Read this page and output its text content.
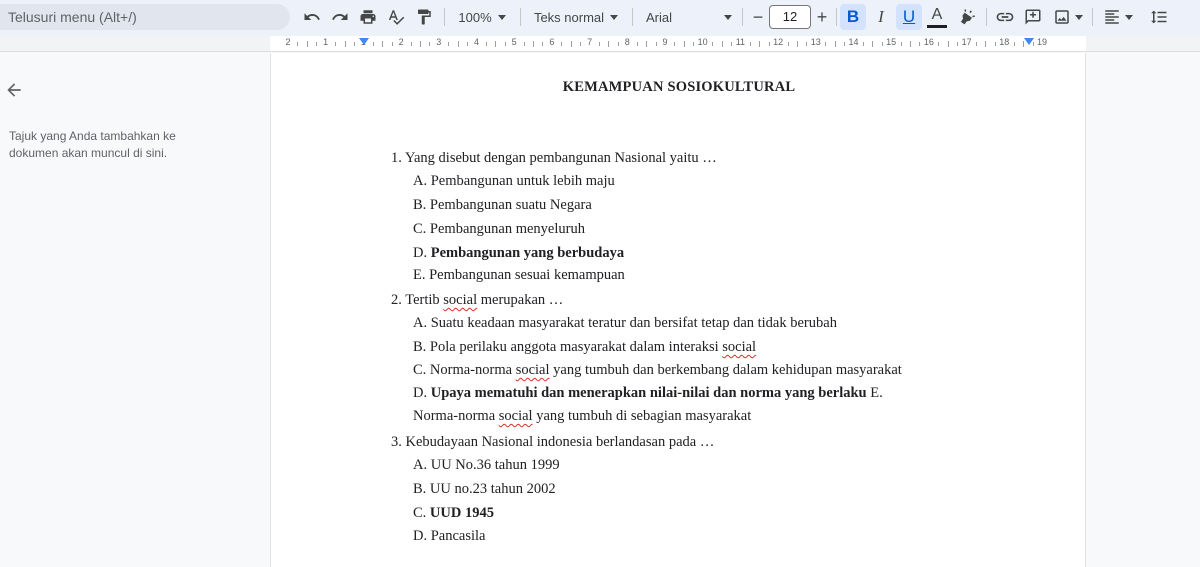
Telusuri menu (Alt+/)	100%	Teks normal	Arial	−	12	+ B I U A
2	1	1	2	3	4	5	6	7	8	9	10	11	12	13	14	15	16	17	18	19
Tajuk yang Anda tambahkan ke
dokumen akan muncul di sini.
KEMAMPUAN SOSIOKULTURAL
1. Yang disebut dengan pembangunan Nasional yaitu …
A. Pembangunan untuk lebih maju
B. Pembangunan suatu Negara
C. Pembangunan menyeluruh
D. Pembangunan yang berbudaya
E. Pembangunan sesuai kemampuan
2. Tertib social merupakan …
A. Suatu keadaan masyarakat teratur dan bersifat tetap dan tidak berubah
B. Pola perilaku anggota masyarakat dalam interaksi social
C. Norma-norma social yang tumbuh dan berkembang dalam kehidupan masyarakat
D. Upaya mematuhi dan menerapkan nilai-nilai dan norma yang berlaku E.
Norma-norma social yang tumbuh di sebagian masyarakat
3. Kebudayaan Nasional indonesia berlandasan pada …
A. UU No.36 tahun 1999
B. UU no.23 tahun 2002
C. UUD 1945
D. Pancasila
